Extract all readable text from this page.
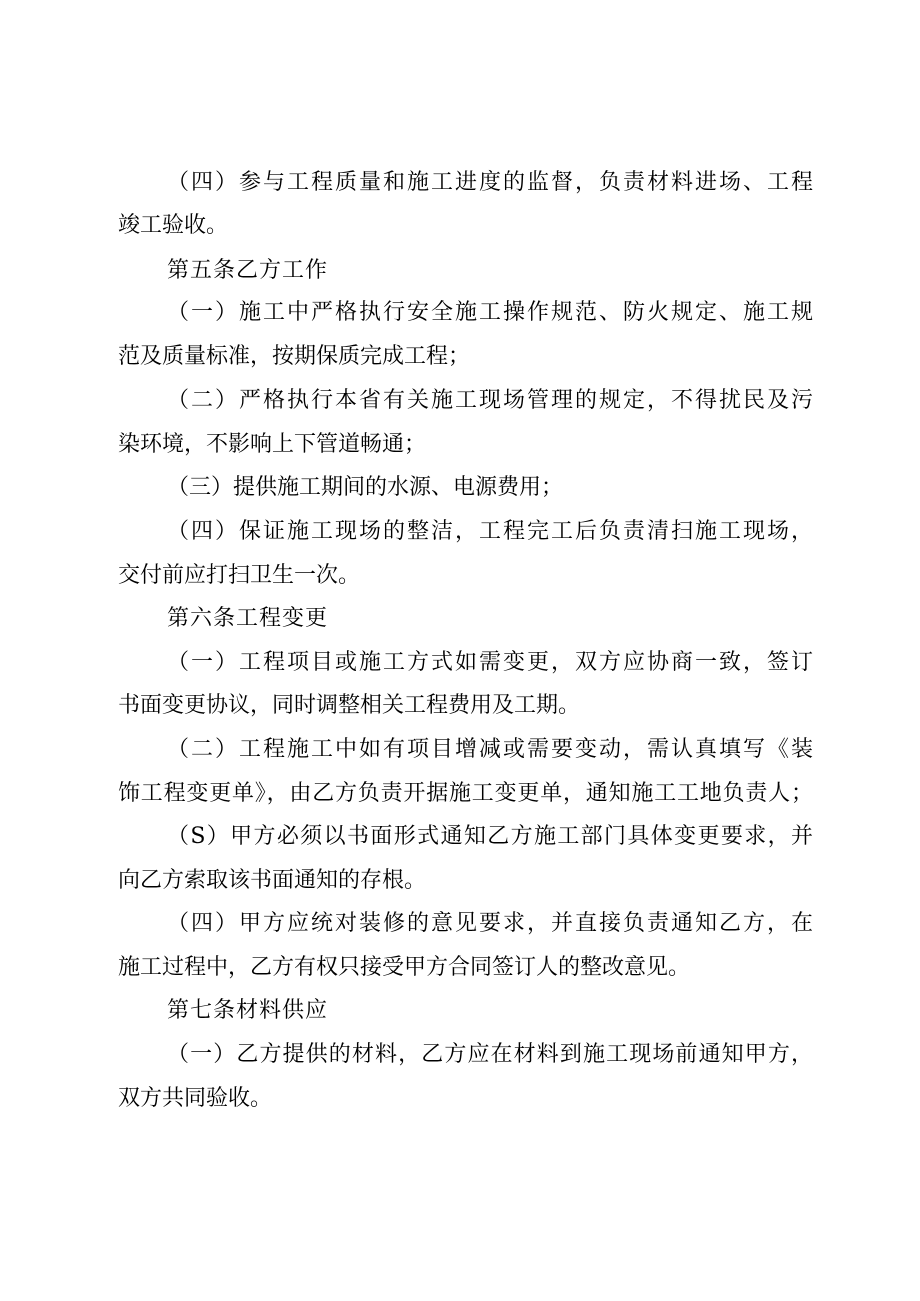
（四）参与工程质量和施工进度的监督，负责材料进场、工程
竣工验收。
第五条乙方工作
（一）施工中严格执行安全施工操作规范、防火规定、施工规
范及质量标准，按期保质完成工程；
（二）严格执行本省有关施工现场管理的规定，不得扰民及污
染环境，不影响上下管道畅通；
（三）提供施工期间的水源、电源费用；
（四）保证施工现场的整洁，工程完工后负责清扫施工现场，
交付前应打扫卫生一次。
第六条工程变更
（一）工程项目或施工方式如需变更，双方应协商一致，签订
书面变更协议，同时调整相关工程费用及工期。
（二）工程施工中如有项目增减或需要变动，需认真填写《装
饰工程变更单》，由乙方负责开据施工变更单，通知施工工地负责人；
（S）甲方必须以书面形式通知乙方施工部门具体变更要求，并
向乙方索取该书面通知的存根。
（四）甲方应统对装修的意见要求，并直接负责通知乙方，在
施工过程中，乙方有权只接受甲方合同签订人的整改意见。
第七条材料供应
（一）乙方提供的材料，乙方应在材料到施工现场前通知甲方，
双方共同验收。
